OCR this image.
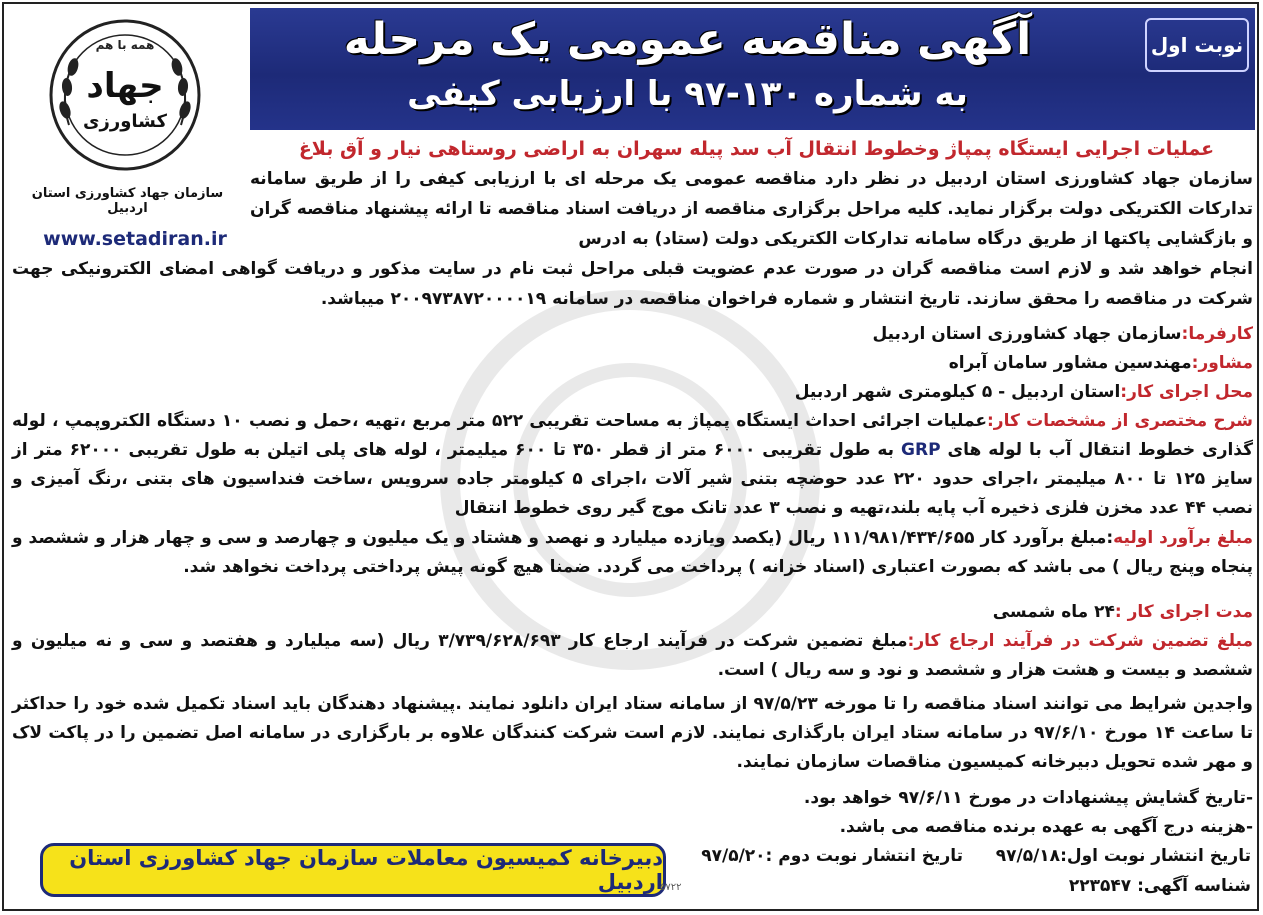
نوبت اول
آگهی مناقصه عمومی یک مرحله
به شماره ۱۳۰-۹۷ با ارزیابی کیفی
همه با هم
جهاد
کشاورزی
سازمان جهاد کشاورزی استان اردبیل
www.setadiran.ir
عملیات اجرایی ایستگاه پمپاژ وخطوط انتقال آب سد پیله سهران به اراضی روستاهی نیار و آق بلاغ

سازمان جهاد کشاورزی استان اردبیل در نظر دارد مناقصه عمومی یک مرحله ای با ارزیابی کیفی را از طریق سامانه تدارکات الکتریکی دولت برگزار نماید. کلیه مراحل برگزاری مناقصه از دریافت اسناد مناقصه تا ارائه پیشنهاد مناقصه گران و بازگشایی پاکتها از طریق درگاه سامانه تدارکات الکتریکی دولت (ستاد) به ادرس

انجام خواهد شد و لازم است مناقصه گران در صورت عدم عضویت قبلی مراحل ثبت نام در سایت مذکور و دریافت گواهی امضای الکترونیکی جهت شرکت در مناقصه را محقق سازند. تاریخ انتشار و شماره فراخوان مناقصه در سامانه ۲۰۰۹۷۳۸۷۲۰۰۰۰۱۹ میباشد.

کارفرما:سازمان جهاد کشاورزی استان اردبیل

مشاور:مهندسین مشاور سامان آبراه

محل اجرای کار:استان اردبیل - ۵ کیلومتری شهر اردبیل

شرح مختصری از مشخصات کار:عملیات اجرائی احداث ایستگاه پمپاژ به مساحت تقریبی ۵۲۲ متر مربع ،تهیه ،حمل و نصب ۱۰ دستگاه الکتروپمپ ، لوله گذاری خطوط انتقال آب با لوله های GRP به طول تقریبی ۶۰۰۰ متر از قطر ۳۵۰ تا ۶۰۰ میلیمتر ، لوله های پلی اتیلن به طول تقریبی ۶۲۰۰۰ متر از سایز ۱۲۵ تا ۸۰۰ میلیمتر ،اجرای حدود ۲۲۰ عدد حوضچه بتنی شیر آلات ،اجرای ۵ کیلومتر جاده سرویس ،ساخت فنداسیون های بتنی ،رنگ آمیزی و نصب ۴۴ عدد مخزن فلزی ذخیره آب پایه بلند،تهیه و نصب ۳ عدد تانک موج گیر روی خطوط انتقال

مبلغ برآورد اولیه:مبلغ برآورد کار ۱۱۱/۹۸۱/۴۳۴/۶۵۵ ریال (یکصد ویازده میلیارد و نهصد و هشتاد و یک میلیون و چهارصد و سی و چهار هزار و ششصد و پنجاه وپنج ریال ) می باشد که بصورت اعتباری (اسناد خزانه ) پرداخت می گردد. ضمنا هیچ گونه پیش پرداختی پرداخت نخواهد شد.

مدت اجرای کار :۲۴ ماه شمسی

مبلغ تضمین شرکت در فرآیند ارجاع کار:مبلغ تضمین شرکت در فرآیند ارجاع کار ۳/۷۳۹/۶۲۸/۶۹۳ ریال (سه میلیارد و هفتصد و سی و نه میلیون و ششصد و بیست و هشت هزار و ششصد و نود و سه ریال ) است.

واجدین شرایط می توانند اسناد مناقصه را تا مورخه ۹۷/۵/۲۳ از سامانه ستاد ایران دانلود نمایند .پیشنهاد دهندگان باید اسناد تکمیل شده خود را حداکثر تا ساعت ۱۴ مورخ ۹۷/۶/۱۰ در سامانه ستاد ایران بارگذاری نمایند. لازم است شرکت کنندگان علاوه بر بارگزاری در سامانه اصل تضمین را در پاکت لاک و مهر شده تحویل دبیرخانه کمیسیون مناقصات سازمان نمایند.

-تاریخ گشایش پیشنهادات در مورخ ۹۷/۶/۱۱ خواهد بود.

-هزینه درج آگهی به عهده برنده مناقصه می باشد.

دبیرخانه کمیسیون معاملات سازمان جهاد کشاورزی استان اردبیل
تاریخ انتشار نوبت اول:۹۷/۵/۱۸
تاریخ انتشار نوبت دوم :۹۷/۵/۲۰
شناسه آگهی: ۲۲۳۵۴۷
۵۷۲۲
